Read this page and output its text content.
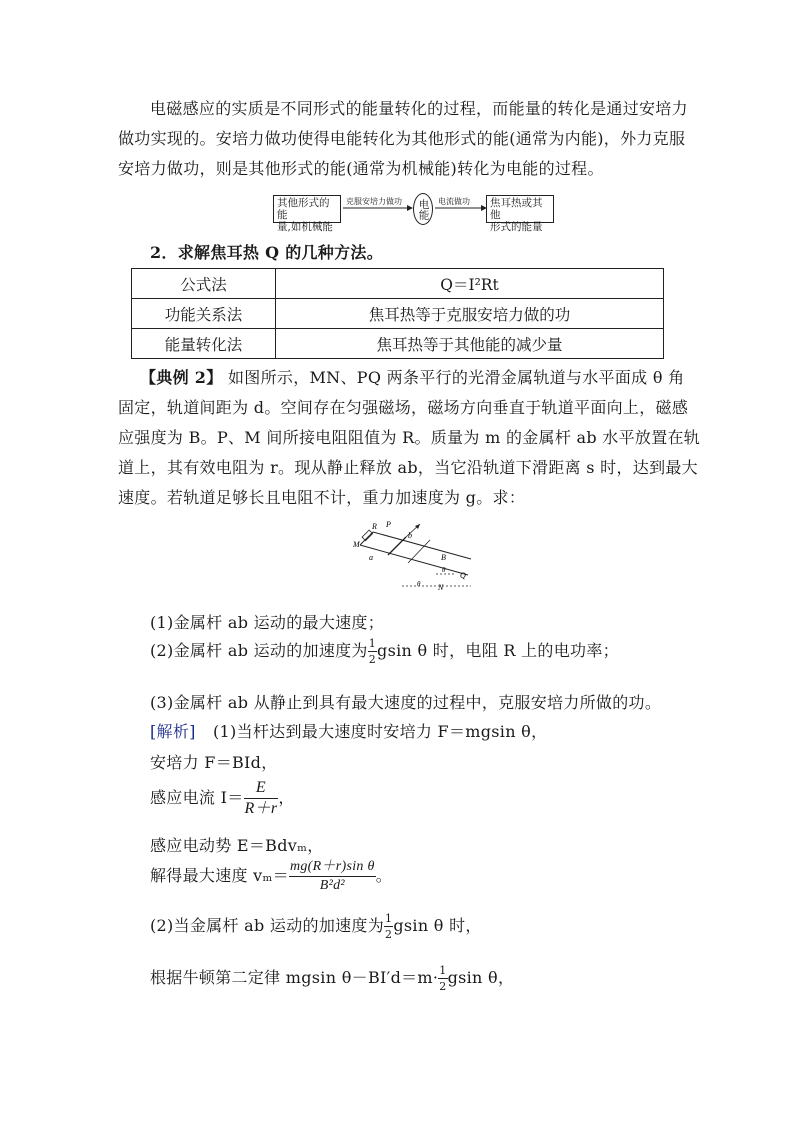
电磁感应的实质是不同形式的能量转化的过程，而能量的转化是通过安培力
做功实现的。安培力做功使得电能转化为其他形式的能(通常为内能)，外力克服
安培力做功，则是其他形式的能(通常为机械能)转化为电能的过程。
其他形式的能
量,如机械能
克服安培力做功	电能	电流做功 焦耳热或其他
形式的能量
2．求解焦耳热 Q 的几种方法。
公式法	Q＝I²Rt
功能关系法	焦耳热等于克服安培力做的功
能量转化法	焦耳热等于其他能的减少量
【典例 2】 如图所示，MN、PQ 两条平行的光滑金属轨道与水平面成 θ 角
固定，轨道间距为 d。空间存在匀强磁场，磁场方向垂直于轨道平面向上，磁感
应强度为 B。P、M 间所接电阻阻值为 R。质量为 m 的金属杆 ab 水平放置在轨
道上，其有效电阻为 r。现从静止释放 ab，当它沿轨道下滑距离 s 时，达到最大
速度。若轨道足够长且电阻不计，重力加速度为 g。求：
R P
M
b
a	B
θ
θ
Q
N
(1)金属杆 ab 运动的最大速度；
(2)金属杆 ab 运动的加速度为 $\frac{1}{2}$ gsin θ 时，电阻 R 上的电功率；
(3)金属杆 ab 从静止到具有最大速度的过程中，克服安培力所做的功。
[解析] (1)当杆达到最大速度时安培力 F＝mgsin θ，
安培力 F＝BId，
感应电流 $I= \frac{E}{R+r}$ ，
感应电动势 E＝Bdvₘ，
解得最大速度 $v_m= \frac{\text{mg(R＋r)sin θ}}{\text{B²d²}}$ 。
(2)当金属杆 ab 运动的加速度为 $\frac{1}{2}$ gsin θ 时，
根据牛顿第二定律 mgsin $\theta-BI'd=m\cdot \frac{1}{2}$ gsin θ，
